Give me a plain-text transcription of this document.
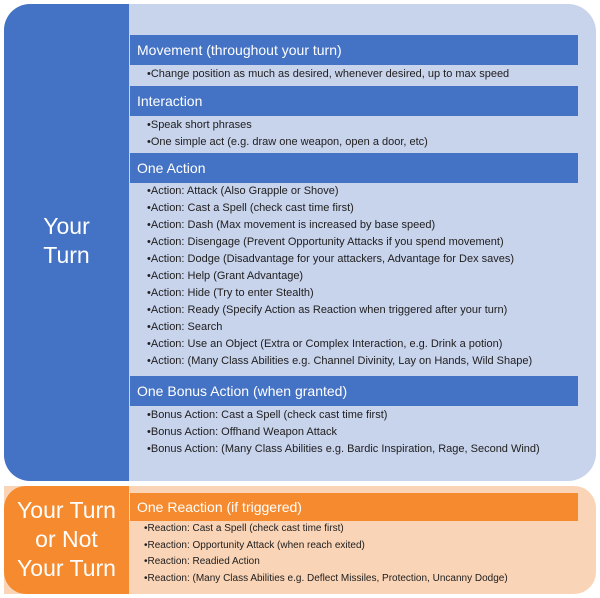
Your
Turn
Movement (throughout your turn)
•Change position as much as desired, whenever desired, up to max speed
Interaction
•Speak short phrases
•One simple act (e.g. draw one weapon, open a door, etc)
One Action
•Action: Attack (Also Grapple or Shove)
•Action: Cast a Spell (check cast time first)
•Action: Dash (Max movement is increased by base speed)
•Action: Disengage (Prevent Opportunity Attacks if you spend movement)
•Action: Dodge (Disadvantage for your attackers, Advantage for Dex saves)
•Action: Help (Grant Advantage)
•Action: Hide (Try to enter Stealth)
•Action: Ready (Specify Action as Reaction when triggered after your turn)
•Action: Search
•Action: Use an Object (Extra or Complex Interaction, e.g. Drink a potion)
•Action: (Many Class Abilities e.g. Channel Divinity, Lay on Hands, Wild Shape)
One Bonus Action (when granted)
•Bonus Action: Cast a Spell (check cast time first)
•Bonus Action: Offhand Weapon Attack
•Bonus Action: (Many Class Abilities e.g. Bardic Inspiration, Rage, Second Wind)
Your Turn
or Not
Your Turn
One Reaction (if triggered)
•Reaction: Cast a Spell (check cast time first)
•Reaction: Opportunity Attack (when reach exited)
•Reaction: Readied Action
•Reaction: (Many Class Abilities e.g. Deflect Missiles, Protection, Uncanny Dodge)
